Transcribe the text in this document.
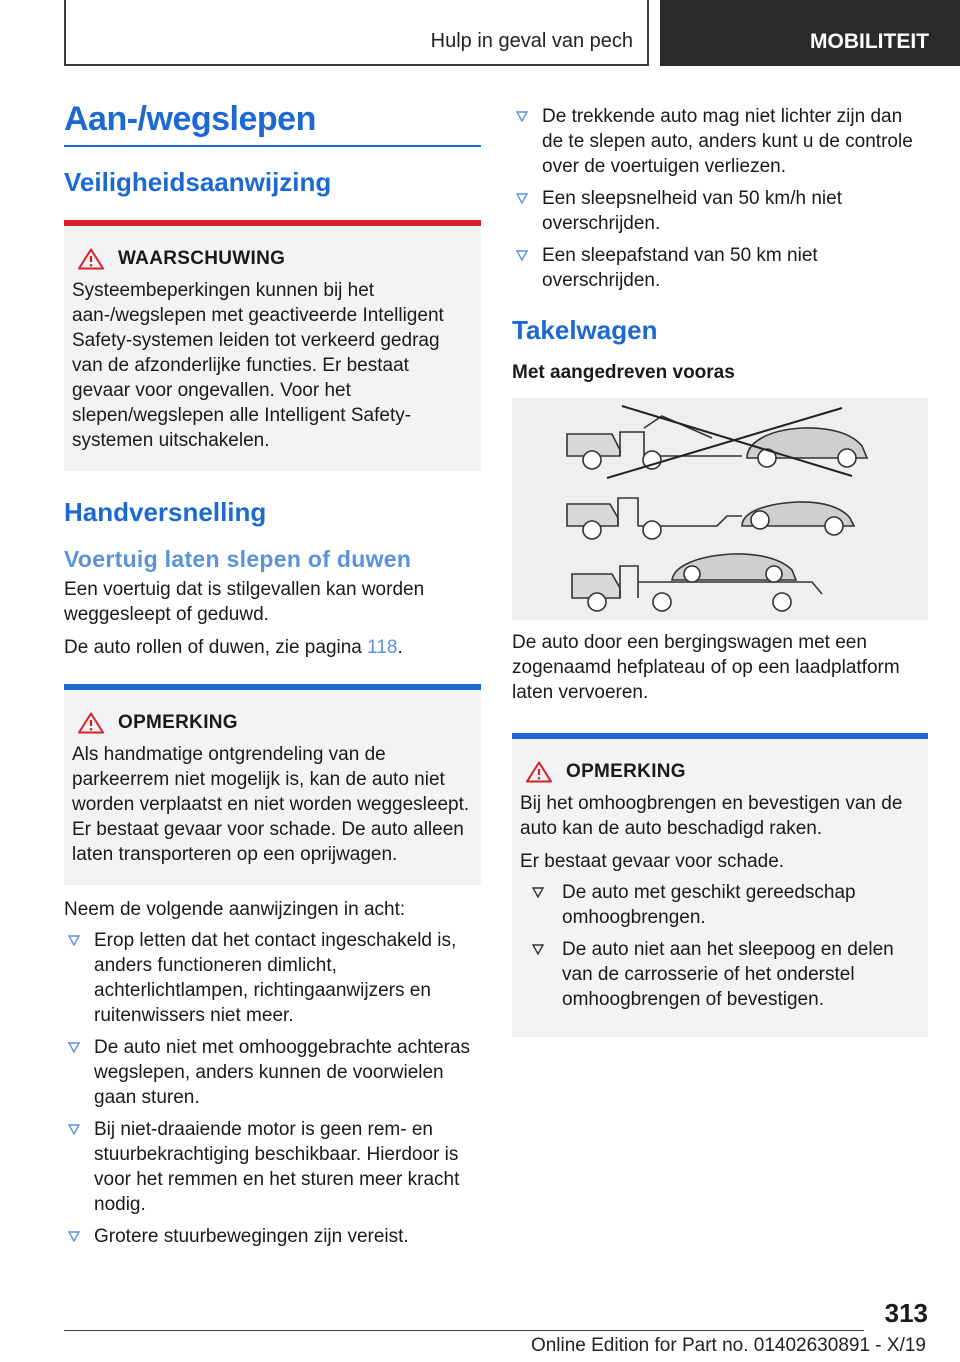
Hulp in geval van pech	MOBILITEIT
Aan-/wegslepen
Veiligheidsaanwijzing
WAARSCHUWING

Systeembeperkingen kunnen bij het aan-/wegslepen met geactiveerde Intelligent Safety-systemen leiden tot verkeerd gedrag van de afzonderlijke functies. Er bestaat gevaar voor ongevallen. Voor het slepen/wegslepen alle Intelligent Safety-systemen uitschakelen.

Handversnelling
Voertuig laten slepen of duwen

Een voertuig dat is stilgevallen kan worden weggesleept of geduwd.

De auto rollen of duwen, zie pagina 118.

OPMERKING

Als handmatige ontgrendeling van de parkeerrem niet mogelijk is, kan de auto niet worden verplaatst en niet worden weggesleept. Er bestaat gevaar voor schade. De auto alleen laten transporteren op een oprijwagen.

Neem de volgende aanwijzingen in acht:

Erop letten dat het contact ingeschakeld is, anders functioneren dimlicht, achterlichtlampen, richtingaanwijzers en ruitenwissers niet meer.
De auto niet met omhooggebrachte achteras wegslepen, anders kunnen de voorwielen gaan sturen.
Bij niet-draaiende motor is geen rem- en stuurbekrachtiging beschikbaar. Hierdoor is voor het remmen en het sturen meer kracht nodig.
Grotere stuurbewegingen zijn vereist.
De trekkende auto mag niet lichter zijn dan de te slepen auto, anders kunt u de controle over de voertuigen verliezen.
Een sleepsnelheid van 50 km/h niet overschrijden.
Een sleepafstand van 50 km niet overschrijden.
Takelwagen
Met aangedreven vooras

De auto door een bergingswagen met een zogenaamd hefplateau of op een laadplatform laten vervoeren.

OPMERKING

Bij het omhoogbrengen en bevestigen van de auto kan de auto beschadigd raken.

Er bestaat gevaar voor schade.

De auto met geschikt gereedschap omhoogbrengen.
De auto niet aan het sleepoog en delen van de carrosserie of het onderstel omhoogbrengen of bevestigen.
313
Online Edition for Part no. 01402630891 - X/19
